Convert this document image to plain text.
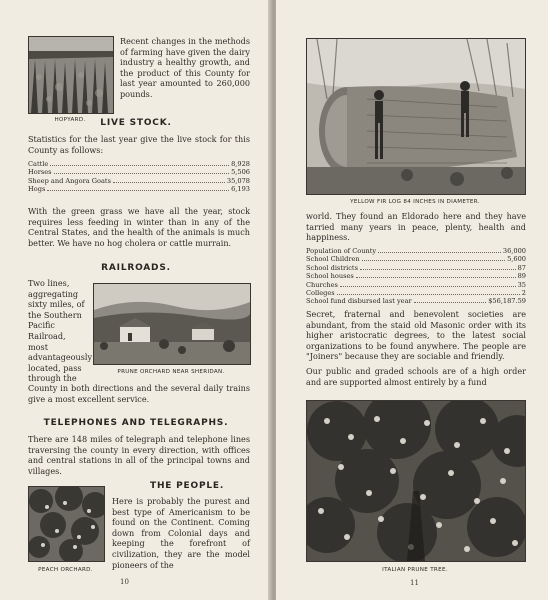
HOPYARD.
Recent changes in the methods of farming have given the dairy industry a healthy growth, and the product of this County for last year amounted to 260,000 pounds.
LIVE STOCK.
Statistics for the last year give the live stock for this County as follows:
Cattle	8,928
Horses	5,506
Sheep and Angora Goats	35,078
Hogs	6,193
With the green grass we have all the year, stock requires less feeding in winter than in any of the Central States, and the health of the animals is much better. We have no hog cholera or cattle murrain.
RAILROADS.
Two lines, aggregating sixty miles, of the Southern Pacific Railroad, most advantageously located, pass through the
PRUNE ORCHARD NEAR SHERIDAN.
County in both directions and the several daily trains give a most excellent service.
TELEPHONES AND TELEGRAPHS.
There are 148 miles of telegraph and telephone lines traversing the county in every direction, with offices and central stations in all of the principal towns and villages.
PEACH ORCHARD.
THE PEOPLE.
Here is probably the purest and best type of Americanism to be found on the Continent. Coming down from Colonial days and keeping the forefront of civilization, they are the model pioneers of the
10
YELLOW FIR LOG 84 INCHES IN DIAMETER.
world. They found an Eldorado here and they have tarried many years in peace, plenty, health and happiness.
Population of County	36,000
School Children	5,600
School districts	87
School houses	89
Churches	35
Colleges	2
School fund disbursed last year	$56,187.59
Secret, fraternal and benevolent societies are abundant, from the staid old Masonic order with its higher aristocratic degrees, to the latest social organizations to be found anywhere. The people are "Joiners" because they are sociable and friendly.
Our public and graded schools are of a high order and are supported almost entirely by a fund
ITALIAN PRUNE TREE.
11
